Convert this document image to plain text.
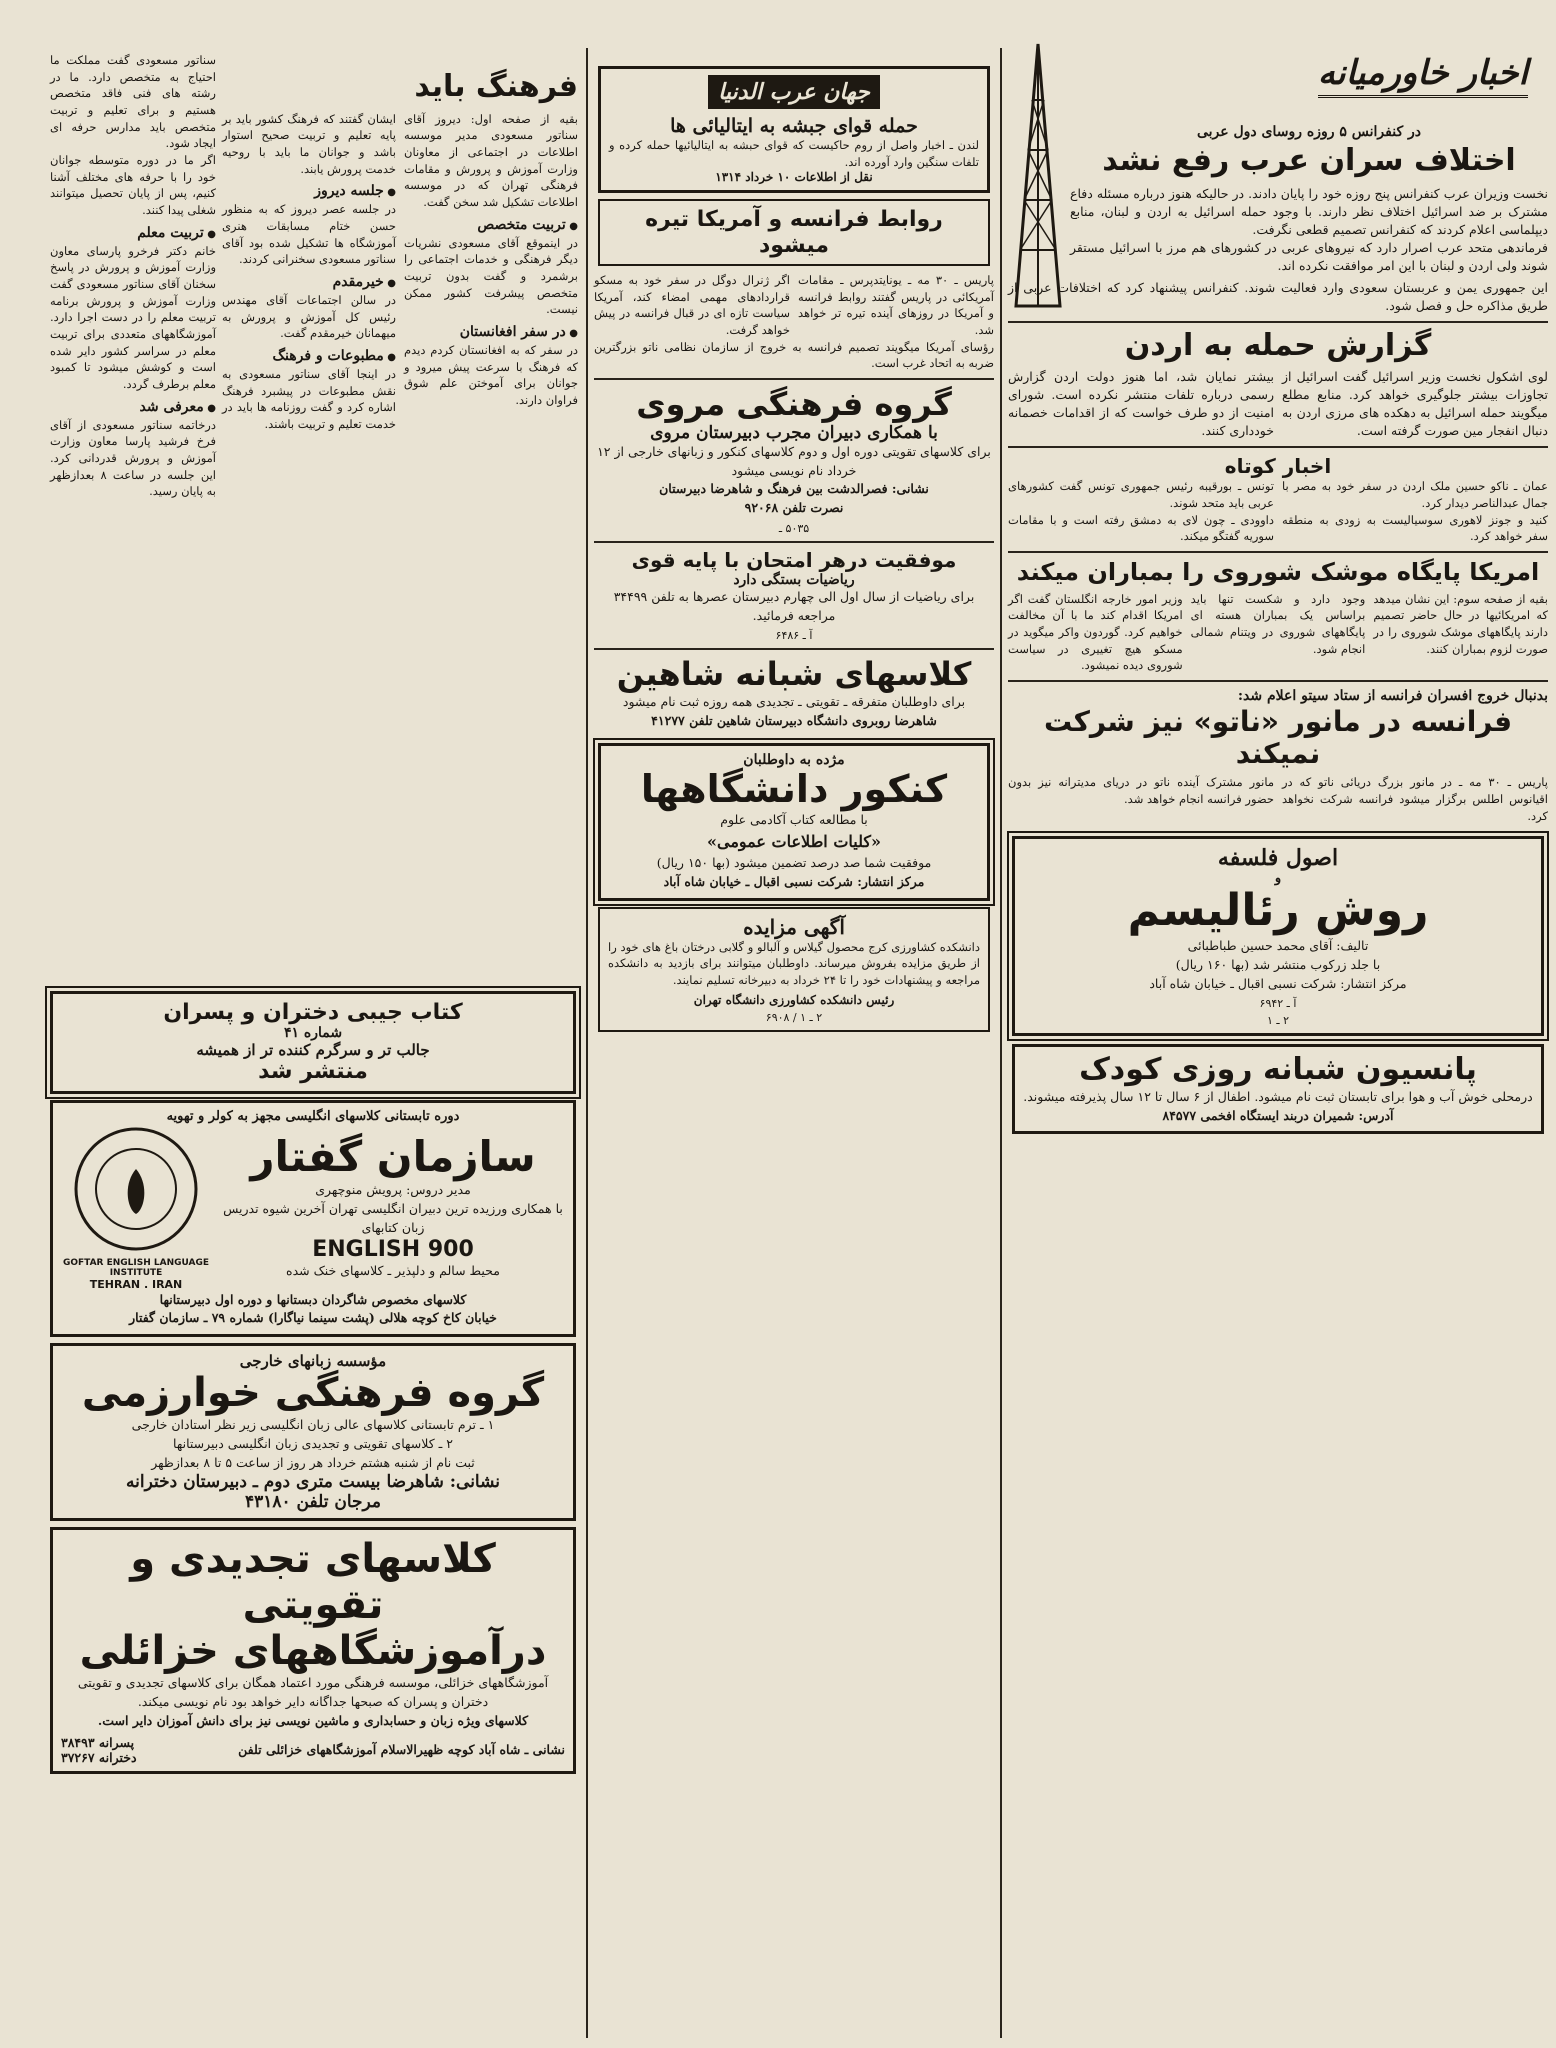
اخبار خاورمیانه
در کنفرانس ۵ روزه روسای دول عربی
اختلاف سران عرب رفع نشد

نخست وزیران عرب کنفرانس پنج روزه خود را پایان دادند. در حالیکه هنوز درباره مسئله دفاع مشترک بر ضد اسرائیل اختلاف نظر دارند. با وجود حمله اسرائیل به اردن و لبنان، منابع دیپلماسی اعلام کردند که کنفرانس تصمیم قطعی نگرفت.

فرماندهی متحد عرب اصرار دارد که نیروهای عربی در کشورهای هم مرز با اسرائیل مستقر شوند ولی اردن و لبنان با این امر موافقت نکرده اند.

این جمهوری یمن و عربستان سعودی وارد فعالیت شوند. کنفرانس پیشنهاد کرد که اختلافات عربی از طریق مذاکره حل و فصل شود.

گزارش حمله به اردن

لوی اشکول نخست وزیر اسرائیل گفت اسرائیل از تجاوزات بیشتر جلوگیری خواهد کرد. منابع مطلع میگویند حمله اسرائیل به دهکده های مرزی اردن به دنبال انفجار مین صورت گرفته است.

بیشتر نمایان شد، اما هنوز دولت اردن گزارش رسمی درباره تلفات منتشر نکرده است. شورای امنیت از دو طرف خواست که از اقدامات خصمانه خودداری کنند.

اخبار کوتاه

عمان ـ ناکو حسین ملک اردن در سفر خود به مصر با جمال عبدالناصر دیدار کرد.

کنید و جونز لاهوری سوسیالیست به زودی به منطقه سفر خواهد کرد.

تونس ـ بورقیبه رئیس جمهوری تونس گفت کشورهای عربی باید متحد شوند.

داوودی ـ چون لای به دمشق رفته است و با مقامات سوریه گفتگو میکند.

امریکا پایگاه موشک شوروی را بمباران میکند

بقیه از صفحه سوم: این نشان میدهد که امریکائیها در حال حاضر تصمیم دارند پایگاههای موشک شوروی را در صورت لزوم بمباران کنند.

وجود دارد و شکست تنها باید براساس یک بمباران هسته ای پایگاههای شوروی در ویتنام شمالی انجام شود.

وزیر امور خارجه انگلستان گفت اگر امریکا اقدام کند ما با آن مخالفت خواهیم کرد. گوردون واکر میگوید در مسکو هیچ تغییری در سیاست شوروی دیده نمیشود.

بدنبال خروج افسران فرانسه از ستاد سیتو اعلام شد:
فرانسه در مانور «ناتو» نیز شرکت نمیکند

پاریس ـ ۳۰ مه ـ در مانور بزرگ دریائی ناتو که در اقیانوس اطلس برگزار میشود فرانسه شرکت نخواهد کرد.

مانور مشترک آینده ناتو در دریای مدیترانه نیز بدون حضور فرانسه انجام خواهد شد.

اصول فلسفه
و
روش رئالیسم
تالیف: آقای محمد حسین طباطبائی
با جلد زرکوب منتشر شد (بها ۱۶۰ ریال)
مرکز انتشار: شرکت نسبی اقبال ـ خیابان شاه آباد
آ ـ ۶۹۴۲
۲ ـ ۱
پانسیون شبانه روزی کودک
درمحلی خوش آب و هوا برای تابستان ثبت نام میشود. اطفال از ۶ سال تا ۱۲ سال پذیرفته میشوند.
آدرس: شمیران دربند ایستگاه افخمی ۸۴۵۷۷
جهان عرب الدنیا
حمله قوای جبشه به ایتالیائی ها

لندن ـ اخبار واصل از روم حاکیست که قوای حبشه به ایتالیائیها حمله کرده و تلفات سنگین وارد آورده اند.

نقل از اطلاعات ۱۰ خرداد ۱۳۱۴

روابط فرانسه و آمریکا تیره میشود

پاریس ـ ۳۰ مه ـ یونایتدپرس ـ مقامات آمریکائی در پاریس گفتند روابط فرانسه و آمریکا در روزهای آینده تیره تر خواهد شد.

اگر ژنرال دوگل در سفر خود به مسکو قراردادهای مهمی امضاء کند، آمریکا سیاست تازه ای در قبال فرانسه در پیش خواهد گرفت.

رؤسای آمریکا میگویند تصمیم فرانسه به خروج از سازمان نظامی ناتو بزرگترین ضربه به اتحاد غرب است.

گروه فرهنگی مروی
با همکاری دبیران مجرب دبیرستان مروی
برای کلاسهای تقویتی دوره اول و دوم کلاسهای کنکور و زبانهای خارجی از ۱۲ خرداد نام نویسی میشود
نشانی: فصرالدشت بین فرهنگ و شاهرضا دبیرستان
نصرت تلفن ۹۲۰۶۸
۵۰۳۵ ـ
موفقیت درهر امتحان با پایه قوی
ریاضیات بستگی دارد
برای ریاضیات از سال اول الی چهارم دبیرستان عصرها به تلفن ۳۴۴۹۹ مراجعه فرمائید.
آ ـ ۶۴۸۶
کلاسهای شبانه شاهین
برای داوطلبان متفرقه ـ تقویتی ـ تجدیدی همه روزه ثبت نام میشود
شاهرضا روبروی دانشگاه دبیرستان شاهین تلفن ۴۱۲۷۷
مژده به داوطلبان
کنکور دانشگاهها
با مطالعه کتاب آکادمی علوم
«کلیات اطلاعات عمومی»
موفقیت شما صد درصد تضمین میشود (بها ۱۵۰ ریال)
مرکز انتشار: شرکت نسبی اقبال ـ خیابان شاه آباد
آگهی مزایده

دانشکده کشاورزی کرج محصول گیلاس و آلبالو و گلابی درختان باغ های خود را از طریق مزایده بفروش میرساند. داوطلبان میتوانند برای بازدید به دانشکده مراجعه و پیشنهادات خود را تا ۲۴ خرداد به دبیرخانه تسلیم نمایند.

رئیس دانشکده کشاورزی دانشگاه تهران

۲ ـ ۱ / ۶۹۰۸
فرهنگ باید

بقیه از صفحه اول: دیروز آقای سناتور مسعودی مدیر موسسه اطلاعات در اجتماعی از معاونان وزارت آموزش و پرورش و مقامات فرهنگی تهران که در موسسه اطلاعات تشکیل شد سخن گفت.

● تربیت متخصص

در اینموقع آقای مسعودی نشریات دیگر فرهنگی و خدمات اجتماعی را برشمرد و گفت بدون تربیت متخصص پیشرفت کشور ممکن نیست.

● در سفر افغانستان

در سفر که به افغانستان کردم دیدم که فرهنگ با سرعت پیش میرود و جوانان برای آموختن علم شوق فراوان دارند.

ایشان گفتند که فرهنگ کشور باید بر پایه تعلیم و تربیت صحیح استوار باشد و جوانان ما باید با روحیه خدمت پرورش یابند.

● جلسه دیروز

در جلسه عصر دیروز که به منظور حسن ختام مسابقات هنری آموزشگاه ها تشکیل شده بود آقای سناتور مسعودی سخنرانی کردند.

● خیرمقدم

در سالن اجتماعات آقای مهندس رئیس کل آموزش و پرورش به میهمانان خیرمقدم گفت.

● مطبوعات و فرهنگ

در اینجا آقای سناتور مسعودی به نقش مطبوعات در پیشبرد فرهنگ اشاره کرد و گفت روزنامه ها باید در خدمت تعلیم و تربیت باشند.

سناتور مسعودی گفت مملکت ما احتیاج به متخصص دارد. ما در رشته های فنی فاقد متخصص هستیم و برای تعلیم و تربیت متخصص باید مدارس حرفه ای ایجاد شود.

اگر ما در دوره متوسطه جوانان خود را با حرفه های مختلف آشنا کنیم، پس از پایان تحصیل میتوانند شغلی پیدا کنند.

● تربیت معلم

خانم دکتر فرخرو پارسای معاون وزارت آموزش و پرورش در پاسخ سخنان آقای سناتور مسعودی گفت وزارت آموزش و پرورش برنامه تربیت معلم را در دست اجرا دارد. آموزشگاههای متعددی برای تربیت معلم در سراسر کشور دایر شده است و کوشش میشود تا کمبود معلم برطرف گردد.

● معرفی شد

درخاتمه سناتور مسعودی از آقای فرخ فرشید پارسا معاون وزارت آموزش و پرورش قدردانی کرد. این جلسه در ساعت ۸ بعدازظهر به پایان رسید.

کتاب جیبی دختران و پسران
شماره ۴۱
جالب تر و سرگرم کننده تر از همیشه
منتشر شد
دوره تابستانی کلاسهای انگلیسی مجهز به کولر و تهویه
سازمان گفتار
مدیر دروس: پرویش منوچهری
با همکاری ورزیده ترین دبیران انگلیسی تهران آخرین شیوه تدریس زبان کتابهای
ENGLISH 900
محیط سالم و دلپذیر ـ کلاسهای خنک شده
GOFTAR ENGLISH LANGUAGE INSTITUTE
TEHRAN . IRAN
کلاسهای مخصوص شاگردان دبستانها و دوره اول دبیرستانها
خیابان کاخ کوچه هلالی (پشت سینما نیاگارا) شماره ۷۹ ـ سازمان گفتار
مؤسسه زبانهای خارجی
گروه فرهنگی خوارزمی
۱ ـ ترم تابستانی کلاسهای عالی زبان انگلیسی زیر نظر استادان خارجی
۲ ـ کلاسهای تقویتی و تجدیدی زبان انگلیسی دبیرستانها
ثبت نام از شنبه هشتم خرداد هر روز از ساعت ۵ تا ۸ بعدازظهر
نشانی: شاهرضا بیست متری دوم ـ دبیرستان دخترانه
مرجان تلفن ۴۳۱۸۰
کلاسهای تجدیدی و تقویتی
درآموزشگاههای خزائلی
آموزشگاههای خزائلی، موسسه فرهنگی مورد اعتماد همگان برای کلاسهای تجدیدی و تقویتی دختران و پسران که صبحها جداگانه دایر خواهد بود نام نویسی میکند.
کلاسهای ویژه زبان و حسابداری و ماشین نویسی نیز برای دانش آموزان دایر است.
نشانی ـ شاه آباد کوچه ظهیرالاسلام آموزشگاههای خزائلی تلفن
پسرانه ۳۸۴۹۳
دخترانه ۳۷۲۶۷
